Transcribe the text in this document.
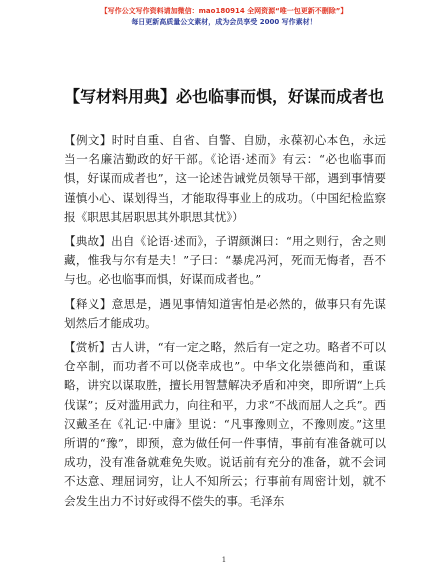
【写作公文写作资料请加微信：mao180914 全网资源“唯一包更新不删除”】
每日更新高质量公文素材，成为会员享受 2000 写作素材！
【写材料用典】必也临事而惧，好谋而成者也

【例文】时时自重、自省、自警、自励，永葆初心本色，永远当一名廉洁勤政的好干部。《论语·述而》有云：“必也临事而惧，好谋而成者也”，这一论述告诫党员领导干部，遇到事情要谨慎小心、谋划得当，才能取得事业上的成功。（中国纪检监察报《职思其居职思其外职思其忧》）

【典故】出自《论语·述而》，子谓颜渊曰：“用之则行，舍之则藏，惟我与尔有是夫！”子曰：“暴虎冯河，死而无悔者，吾不与也。必也临事而惧，好谋而成者也。”

【释义】意思是，遇见事情知道害怕是必然的，做事只有先谋划然后才能成功。

【赏析】古人讲，“有一定之略，然后有一定之功。略者不可以仓卒制，而功者不可以侥幸成也”。中华文化崇德尚和，重谋略，讲究以谋取胜，擅长用智慧解决矛盾和冲突，即所谓“上兵伐谋”；反对滥用武力，向往和平，力求“不战而屈人之兵”。西汉戴圣在《礼记·中庸》里说：“凡事豫则立，不豫则废。”这里所谓的“豫”，即预，意为做任何一件事情，事前有准备就可以成功，没有准备就难免失败。说话前有充分的准备，就不会词不达意、理屈词穷，让人不知所云；行事前有周密计划，就不会发生出力不讨好或得不偿失的事。毛泽东

1
